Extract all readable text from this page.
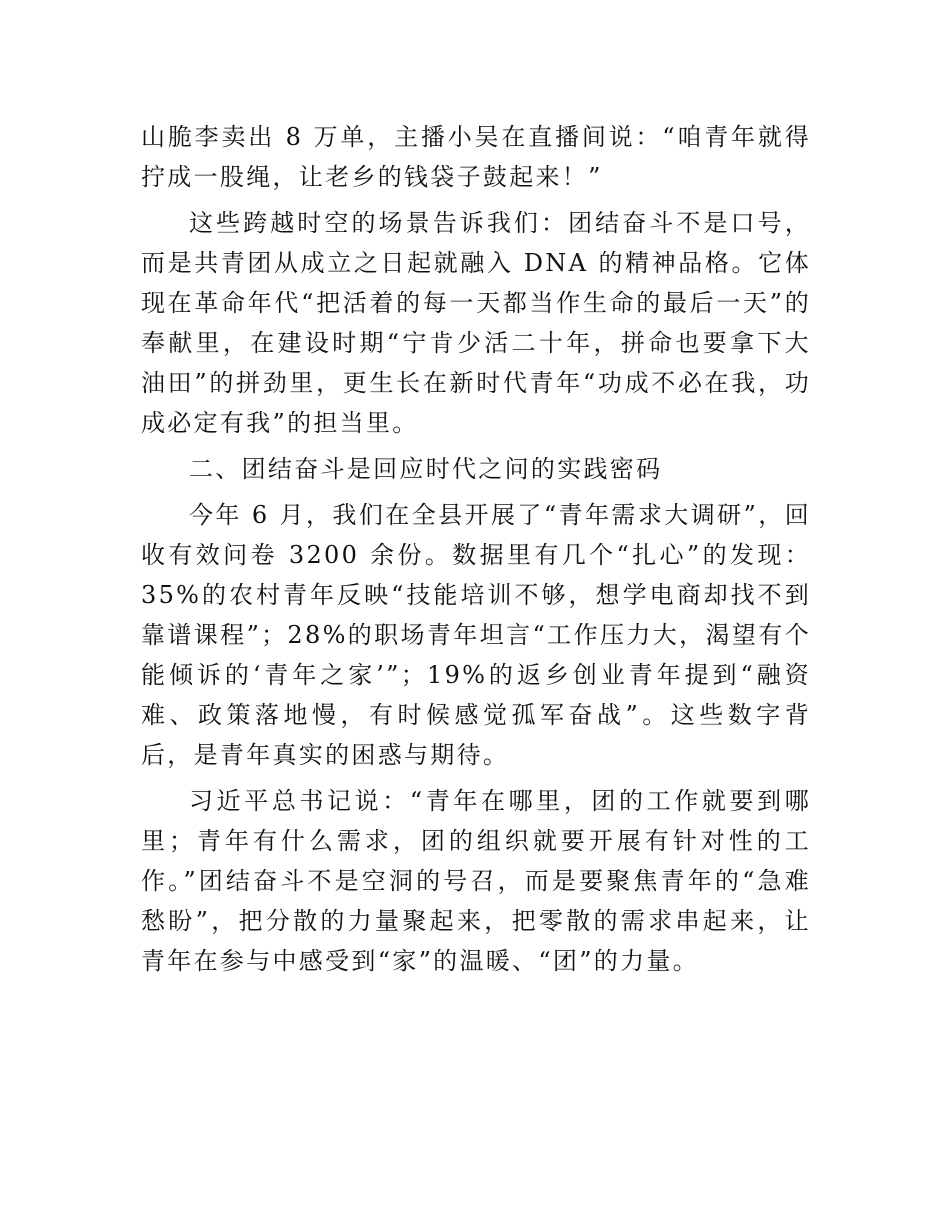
山脆李卖出 8 万单，主播小吴在直播间说：“咱青年就得拧成一股绳，让老乡的钱袋子鼓起来！”

这些跨越时空的场景告诉我们：团结奋斗不是口号，而是共青团从成立之日起就融入 DNA 的精神品格。它体现在革命年代“把活着的每一天都当作生命的最后一天”的奉献里，在建设时期“宁肯少活二十年，拼命也要拿下大油田”的拼劲里，更生长在新时代青年“功成不必在我，功成必定有我”的担当里。

二、团结奋斗是回应时代之问的实践密码

今年 6 月，我们在全县开展了“青年需求大调研”，回收有效问卷 3200 余份。数据里有几个“扎心”的发现：35%的农村青年反映“技能培训不够，想学电商却找不到靠谱课程”；28%的职场青年坦言“工作压力大，渴望有个能倾诉的‘青年之家’”；19%的返乡创业青年提到“融资难、政策落地慢，有时候感觉孤军奋战”。这些数字背后，是青年真实的困惑与期待。

习近平总书记说：“青年在哪里，团的工作就要到哪里；青年有什么需求，团的组织就要开展有针对性的工作。”团结奋斗不是空洞的号召，而是要聚焦青年的“急难愁盼”，把分散的力量聚起来，把零散的需求串起来，让青年在参与中感受到“家”的温暖、“团”的力量。
